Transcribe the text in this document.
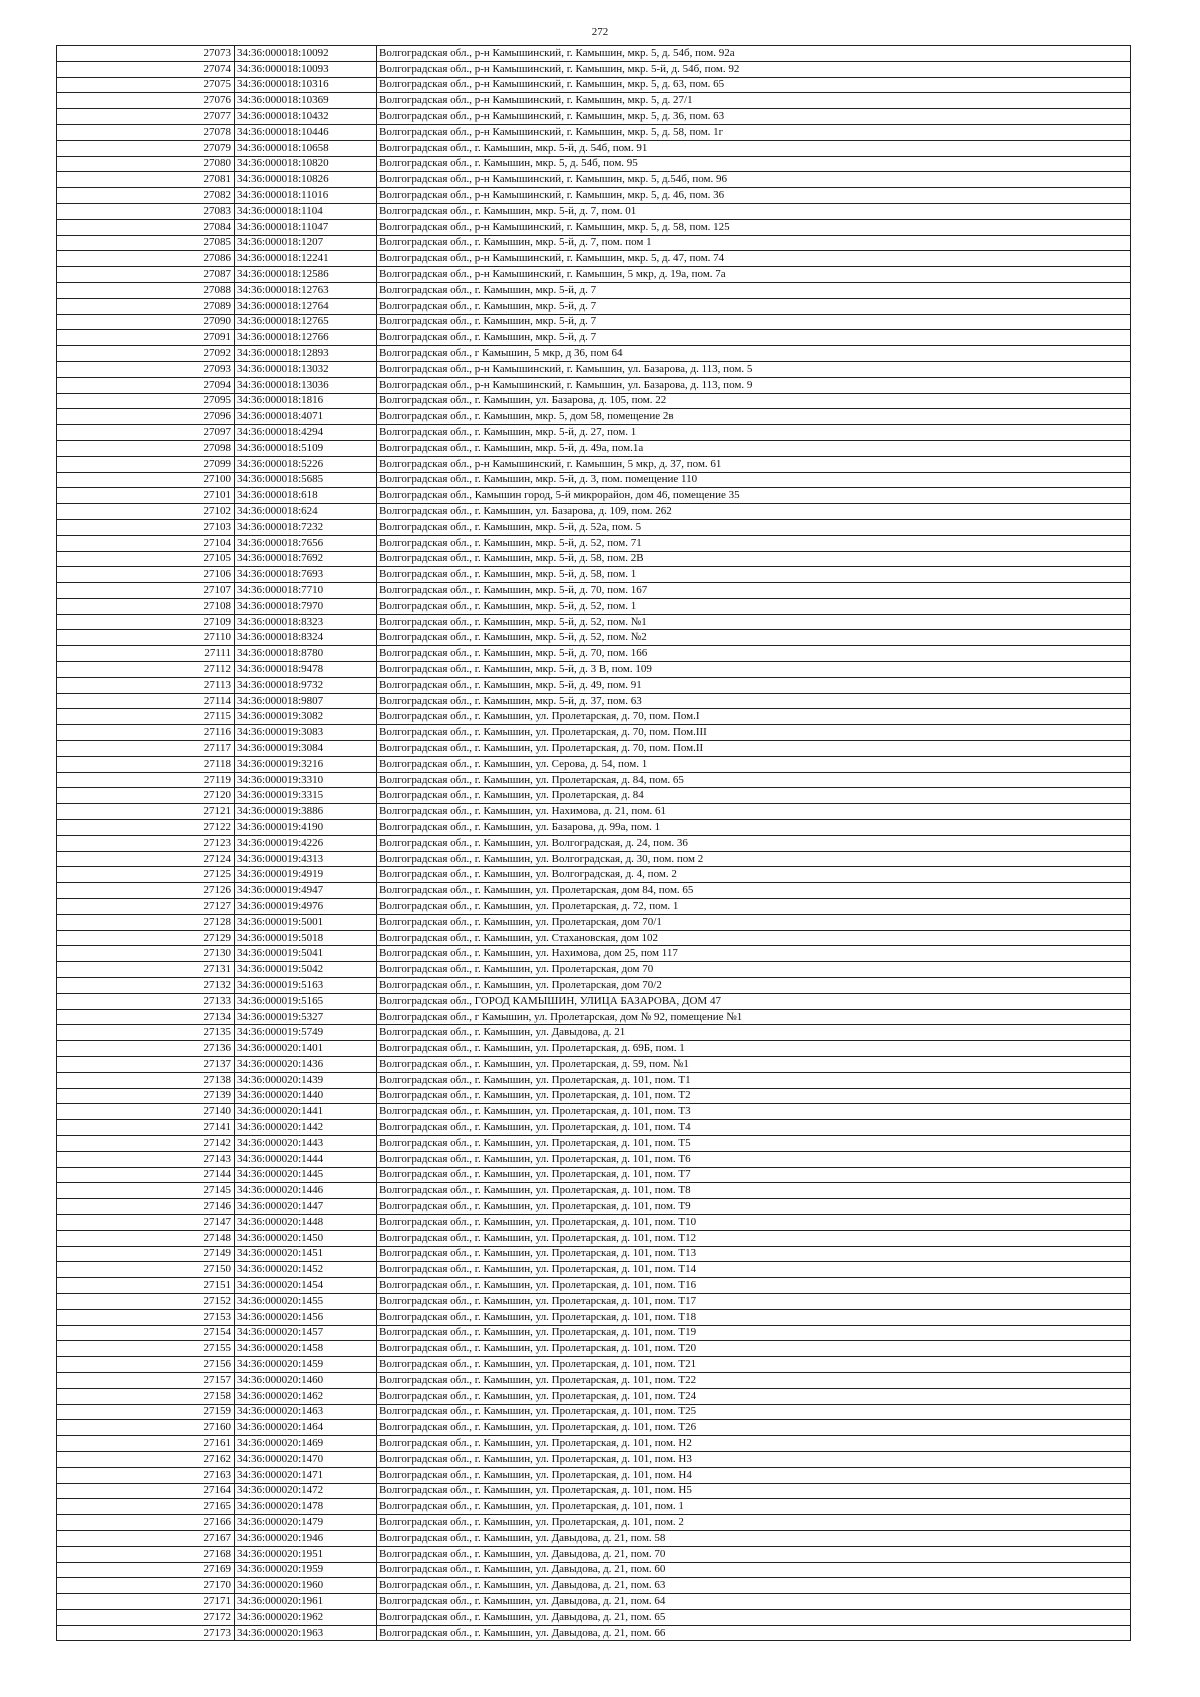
272
27073	34:36:000018:10092	Волгоградская обл., р-н Камышинский, г. Камышин, мкр. 5, д. 54б, пом. 92а
27074	34:36:000018:10093	Волгоградская обл., р-н Камышинский, г. Камышин, мкр. 5-й, д. 54б, пом. 92
27075	34:36:000018:10316	Волгоградская обл., р-н Камышинский, г. Камышин, мкр. 5, д. 63, пом. 65
27076	34:36:000018:10369	Волгоградская обл., р-н Камышинский, г. Камышин, мкр. 5, д. 27/1
27077	34:36:000018:10432	Волгоградская обл., р-н Камышинский, г. Камышин, мкр. 5, д. 36, пом. 63
27078	34:36:000018:10446	Волгоградская обл., р-н Камышинский, г. Камышин, мкр. 5, д. 58, пом. 1г
27079	34:36:000018:10658	Волгоградская обл., г. Камышин, мкр. 5-й, д. 54б, пом. 91
27080	34:36:000018:10820	Волгоградская обл., г. Камышин, мкр. 5, д. 54б, пом. 95
27081	34:36:000018:10826	Волгоградская обл., р-н Камышинский, г. Камышин, мкр. 5, д.54б, пом. 96
27082	34:36:000018:11016	Волгоградская обл., р-н Камышинский, г. Камышин, мкр. 5, д. 46, пом. 36
27083	34:36:000018:1104	Волгоградская обл., г. Камышин, мкр. 5-й, д. 7, пом. 01
27084	34:36:000018:11047	Волгоградская обл., р-н Камышинский, г. Камышин, мкр. 5, д. 58, пом. 125
27085	34:36:000018:1207	Волгоградская обл., г. Камышин, мкр. 5-й, д. 7, пом. пом 1
27086	34:36:000018:12241	Волгоградская обл., р-н Камышинский, г. Камышин, мкр. 5, д. 47, пом. 74
27087	34:36:000018:12586	Волгоградская обл., р-н Камышинский, г. Камышин, 5 мкр, д. 19а, пом. 7а
27088	34:36:000018:12763	Волгоградская обл., г. Камышин, мкр. 5-й, д. 7
27089	34:36:000018:12764	Волгоградская обл., г. Камышин, мкр. 5-й, д. 7
27090	34:36:000018:12765	Волгоградская обл., г. Камышин, мкр. 5-й, д. 7
27091	34:36:000018:12766	Волгоградская обл., г. Камышин, мкр. 5-й, д. 7
27092	34:36:000018:12893	Волгоградская обл., г Камышин, 5 мкр, д 36, пом 64
27093	34:36:000018:13032	Волгоградская обл., р-н Камышинский, г. Камышин, ул. Базарова, д. 113, пом. 5
27094	34:36:000018:13036	Волгоградская обл., р-н Камышинский, г. Камышин, ул. Базарова, д. 113, пом. 9
27095	34:36:000018:1816	Волгоградская обл., г. Камышин, ул. Базарова, д. 105, пом. 22
27096	34:36:000018:4071	Волгоградская обл., г. Камышин, мкр. 5, дом 58, помещение 2в
27097	34:36:000018:4294	Волгоградская обл., г. Камышин, мкр. 5-й, д. 27, пом. 1
27098	34:36:000018:5109	Волгоградская обл., г. Камышин, мкр. 5-й, д. 49а, пом.1а
27099	34:36:000018:5226	Волгоградская обл., р-н Камышинский, г. Камышин, 5 мкр, д. 37, пом. 61
27100	34:36:000018:5685	Волгоградская обл., г. Камышин, мкр. 5-й, д. 3, пом. помещение 110
27101	34:36:000018:618	Волгоградская обл., Камышин город, 5-й микрорайон, дом 46, помещение 35
27102	34:36:000018:624	Волгоградская обл., г. Камышин, ул. Базарова, д. 109, пом. 262
27103	34:36:000018:7232	Волгоградская обл., г. Камышин, мкр. 5-й, д. 52а, пом. 5
27104	34:36:000018:7656	Волгоградская обл., г. Камышин, мкр. 5-й, д. 52, пом. 71
27105	34:36:000018:7692	Волгоградская обл., г. Камышин, мкр. 5-й, д. 58, пом. 2В
27106	34:36:000018:7693	Волгоградская обл., г. Камышин, мкр. 5-й, д. 58, пом. 1
27107	34:36:000018:7710	Волгоградская обл., г. Камышин, мкр. 5-й, д. 70, пом. 167
27108	34:36:000018:7970	Волгоградская обл., г. Камышин, мкр. 5-й, д. 52, пом. 1
27109	34:36:000018:8323	Волгоградская обл., г. Камышин, мкр. 5-й, д. 52, пом. №1
27110	34:36:000018:8324	Волгоградская обл., г. Камышин, мкр. 5-й, д. 52, пом. №2
27111	34:36:000018:8780	Волгоградская обл., г. Камышин, мкр. 5-й, д. 70, пом. 166
27112	34:36:000018:9478	Волгоградская обл., г. Камышин, мкр. 5-й, д. 3 В, пом. 109
27113	34:36:000018:9732	Волгоградская обл., г. Камышин, мкр. 5-й, д. 49, пом. 91
27114	34:36:000018:9807	Волгоградская обл., г. Камышин, мкр. 5-й, д. 37, пом. 63
27115	34:36:000019:3082	Волгоградская обл., г. Камышин, ул. Пролетарская, д. 70, пом. Пом.I
27116	34:36:000019:3083	Волгоградская обл., г. Камышин, ул. Пролетарская, д. 70, пом. Пом.III
27117	34:36:000019:3084	Волгоградская обл., г. Камышин, ул. Пролетарская, д. 70, пом. Пом.II
27118	34:36:000019:3216	Волгоградская обл., г. Камышин, ул. Серова, д. 54, пом. 1
27119	34:36:000019:3310	Волгоградская обл., г. Камышин, ул. Пролетарская, д. 84, пом. 65
27120	34:36:000019:3315	Волгоградская обл., г. Камышин, ул. Пролетарская, д. 84
27121	34:36:000019:3886	Волгоградская обл., г. Камышин, ул. Нахимова, д. 21, пом. 61
27122	34:36:000019:4190	Волгоградская обл., г. Камышин, ул. Базарова, д. 99а, пом. 1
27123	34:36:000019:4226	Волгоградская обл., г. Камышин, ул. Волгоградская, д. 24, пом. 36
27124	34:36:000019:4313	Волгоградская обл., г. Камышин, ул. Волгоградская, д. 30, пом. пом 2
27125	34:36:000019:4919	Волгоградская обл., г. Камышин, ул. Волгоградская, д. 4, пом. 2
27126	34:36:000019:4947	Волгоградская обл., г. Камышин, ул. Пролетарская, дом 84, пом. 65
27127	34:36:000019:4976	Волгоградская обл., г. Камышин, ул. Пролетарская, д. 72, пом. 1
27128	34:36:000019:5001	Волгоградская обл., г. Камышин, ул. Пролетарская, дом 70/1
27129	34:36:000019:5018	Волгоградская обл., г. Камышин, ул. Стахановская, дом 102
27130	34:36:000019:5041	Волгоградская обл., г. Камышин, ул. Нахимова, дом 25, пом 117
27131	34:36:000019:5042	Волгоградская обл., г. Камышин, ул. Пролетарская, дом 70
27132	34:36:000019:5163	Волгоградская обл., г. Камышин, ул. Пролетарская, дом 70/2
27133	34:36:000019:5165	Волгоградская обл., ГОРОД КАМЫШИН, УЛИЦА БАЗАРОВА, ДОМ 47
27134	34:36:000019:5327	Волгоградская обл., г Камышин, ул. Пролетарская, дом № 92, помещение №1
27135	34:36:000019:5749	Волгоградская обл., г. Камышин, ул. Давыдова, д. 21
27136	34:36:000020:1401	Волгоградская обл., г. Камышин, ул. Пролетарская, д. 69Б, пом. 1
27137	34:36:000020:1436	Волгоградская обл., г. Камышин, ул. Пролетарская, д. 59, пом. №1
27138	34:36:000020:1439	Волгоградская обл., г. Камышин, ул. Пролетарская, д. 101, пом. Т1
27139	34:36:000020:1440	Волгоградская обл., г. Камышин, ул. Пролетарская, д. 101, пом. Т2
27140	34:36:000020:1441	Волгоградская обл., г. Камышин, ул. Пролетарская, д. 101, пом. Т3
27141	34:36:000020:1442	Волгоградская обл., г. Камышин, ул. Пролетарская, д. 101, пом. Т4
27142	34:36:000020:1443	Волгоградская обл., г. Камышин, ул. Пролетарская, д. 101, пом. Т5
27143	34:36:000020:1444	Волгоградская обл., г. Камышин, ул. Пролетарская, д. 101, пом. Т6
27144	34:36:000020:1445	Волгоградская обл., г. Камышин, ул. Пролетарская, д. 101, пом. Т7
27145	34:36:000020:1446	Волгоградская обл., г. Камышин, ул. Пролетарская, д. 101, пом. Т8
27146	34:36:000020:1447	Волгоградская обл., г. Камышин, ул. Пролетарская, д. 101, пом. Т9
27147	34:36:000020:1448	Волгоградская обл., г. Камышин, ул. Пролетарская, д. 101, пом. Т10
27148	34:36:000020:1450	Волгоградская обл., г. Камышин, ул. Пролетарская, д. 101, пом. Т12
27149	34:36:000020:1451	Волгоградская обл., г. Камышин, ул. Пролетарская, д. 101, пом. Т13
27150	34:36:000020:1452	Волгоградская обл., г. Камышин, ул. Пролетарская, д. 101, пом. Т14
27151	34:36:000020:1454	Волгоградская обл., г. Камышин, ул. Пролетарская, д. 101, пом. Т16
27152	34:36:000020:1455	Волгоградская обл., г. Камышин, ул. Пролетарская, д. 101, пом. Т17
27153	34:36:000020:1456	Волгоградская обл., г. Камышин, ул. Пролетарская, д. 101, пом. Т18
27154	34:36:000020:1457	Волгоградская обл., г. Камышин, ул. Пролетарская, д. 101, пом. Т19
27155	34:36:000020:1458	Волгоградская обл., г. Камышин, ул. Пролетарская, д. 101, пом. Т20
27156	34:36:000020:1459	Волгоградская обл., г. Камышин, ул. Пролетарская, д. 101, пом. Т21
27157	34:36:000020:1460	Волгоградская обл., г. Камышин, ул. Пролетарская, д. 101, пом. Т22
27158	34:36:000020:1462	Волгоградская обл., г. Камышин, ул. Пролетарская, д. 101, пом. Т24
27159	34:36:000020:1463	Волгоградская обл., г. Камышин, ул. Пролетарская, д. 101, пом. Т25
27160	34:36:000020:1464	Волгоградская обл., г. Камышин, ул. Пролетарская, д. 101, пом. Т26
27161	34:36:000020:1469	Волгоградская обл., г. Камышин, ул. Пролетарская, д. 101, пом. Н2
27162	34:36:000020:1470	Волгоградская обл., г. Камышин, ул. Пролетарская, д. 101, пом. Н3
27163	34:36:000020:1471	Волгоградская обл., г. Камышин, ул. Пролетарская, д. 101, пом. Н4
27164	34:36:000020:1472	Волгоградская обл., г. Камышин, ул. Пролетарская, д. 101, пом. Н5
27165	34:36:000020:1478	Волгоградская обл., г. Камышин, ул. Пролетарская, д. 101, пом. 1
27166	34:36:000020:1479	Волгоградская обл., г. Камышин, ул. Пролетарская, д. 101, пом. 2
27167	34:36:000020:1946	Волгоградская обл., г. Камышин, ул. Давыдова, д. 21, пом. 58
27168	34:36:000020:1951	Волгоградская обл., г. Камышин, ул. Давыдова, д. 21, пом. 70
27169	34:36:000020:1959	Волгоградская обл., г. Камышин, ул. Давыдова, д. 21, пом. 60
27170	34:36:000020:1960	Волгоградская обл., г. Камышин, ул. Давыдова, д. 21, пом. 63
27171	34:36:000020:1961	Волгоградская обл., г. Камышин, ул. Давыдова, д. 21, пом. 64
27172	34:36:000020:1962	Волгоградская обл., г. Камышин, ул. Давыдова, д. 21, пом. 65
27173	34:36:000020:1963	Волгоградская обл., г. Камышин, ул. Давыдова, д. 21, пом. 66
